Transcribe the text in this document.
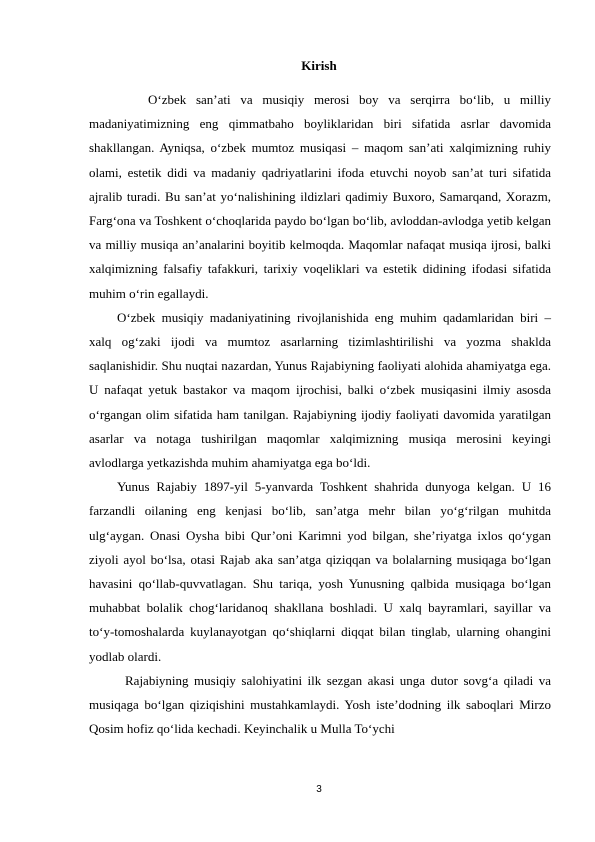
Kirish

O‘zbek san’ati va musiqiy merosi boy va serqirra bo‘lib, u milliy madaniyatimizning eng qimmatbaho boyliklaridan biri sifatida asrlar davomida shakllangan. Ayniqsa, o‘zbek mumtoz musiqasi – maqom san’ati xalqimizning ruhiy olami, estetik didi va madaniy qadriyatlarini ifoda etuvchi noyob san’at turi sifatida ajralib turadi. Bu san’at yo‘nalishining ildizlari qadimiy Buxoro, Samarqand, Xorazm, Farg‘ona va Toshkent o‘choqlarida paydo bo‘lgan bo‘lib, avloddan-avlodga yetib kelgan va milliy musiqa an’analarini boyitib kelmoqda. Maqomlar nafaqat musiqa ijrosi, balki xalqimizning falsafiy tafakkuri, tarixiy voqeliklari va estetik didining ifodasi sifatida muhim o‘rin egallaydi.

O‘zbek musiqiy madaniyatining rivojlanishida eng muhim qadamlaridan biri – xalq og‘zaki ijodi va mumtoz asarlarning tizimlashtirilishi va yozma shaklda saqlanishidir. Shu nuqtai nazardan, Yunus Rajabiyning faoliyati alohida ahamiyatga ega. U nafaqat yetuk bastakor va maqom ijrochisi, balki o‘zbek musiqasini ilmiy asosda o‘rgangan olim sifatida ham tanilgan. Rajabiyning ijodiy faoliyati davomida yaratilgan asarlar va notaga tushirilgan maqomlar xalqimizning musiqa merosini keyingi avlodlarga yetkazishda muhim ahamiyatga ega bo‘ldi.

Yunus Rajabiy 1897-yil 5-yanvarda Toshkent shahrida dunyoga kelgan. U 16 farzandli oilaning eng kenjasi bo‘lib, san’atga mehr bilan yo‘g‘rilgan muhitda ulg‘aygan. Onasi Oysha bibi Qur’oni Karimni yod bilgan, she’riyatga ixlos qo‘ygan ziyoli ayol bo‘lsa, otasi Rajab aka san’atga qiziqqan va bolalarning musiqaga bo‘lgan havasini qo‘llab-quvvatlagan. Shu tariqa, yosh Yunusning qalbida musiqaga bo‘lgan muhabbat bolalik chog‘laridanoq shakllana boshladi. U xalq bayramlari, sayillar va to‘y-tomoshalarda kuylanayotgan qo‘shiqlarni diqqat bilan tinglab, ularning ohangini yodlab olardi.

Rajabiyning musiqiy salohiyatini ilk sezgan akasi unga dutor sovg‘a qiladi va musiqaga bo‘lgan qiziqishini mustahkamlaydi. Yosh iste’dodning ilk saboqlari Mirzo Qosim hofiz qo‘lida kechadi. Keyinchalik u Mulla To‘ychi

3
